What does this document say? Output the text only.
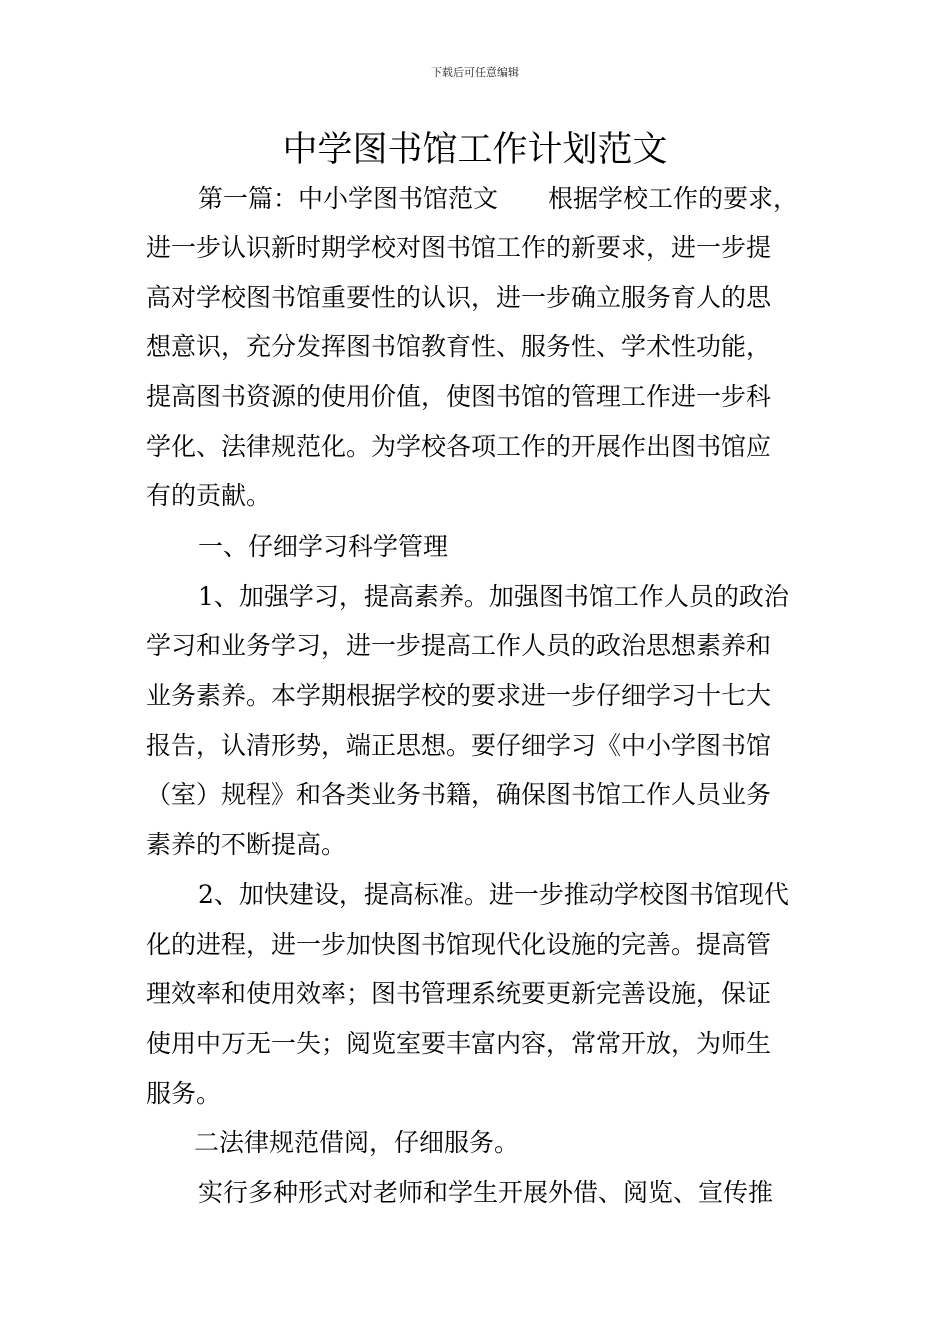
下载后可任意编辑
中学图书馆工作计划范文
第一篇：中小学图书馆范文　　根据学校工作的要求，
进一步认识新时期学校对图书馆工作的新要求，进一步提
高对学校图书馆重要性的认识，进一步确立服务育人的思
想意识，充分发挥图书馆教育性、服务性、学术性功能，
提高图书资源的使用价值，使图书馆的管理工作进一步科
学化、法律规范化。为学校各项工作的开展作出图书馆应
有的贡献。
一、仔细学习科学管理
1、加强学习，提高素养。加强图书馆工作人员的政治
学习和业务学习，进一步提高工作人员的政治思想素养和
业务素养。本学期根据学校的要求进一步仔细学习十七大
报告，认清形势，端正思想。要仔细学习《中小学图书馆
（室）规程》和各类业务书籍，确保图书馆工作人员业务
素养的不断提高。
2、加快建设，提高标准。进一步推动学校图书馆现代
化的进程，进一步加快图书馆现代化设施的完善。提高管
理效率和使用效率；图书管理系统要更新完善设施，保证
使用中万无一失；阅览室要丰富内容，常常开放，为师生
服务。
二法律规范借阅，仔细服务。
实行多种形式对老师和学生开展外借、阅览、宣传推
